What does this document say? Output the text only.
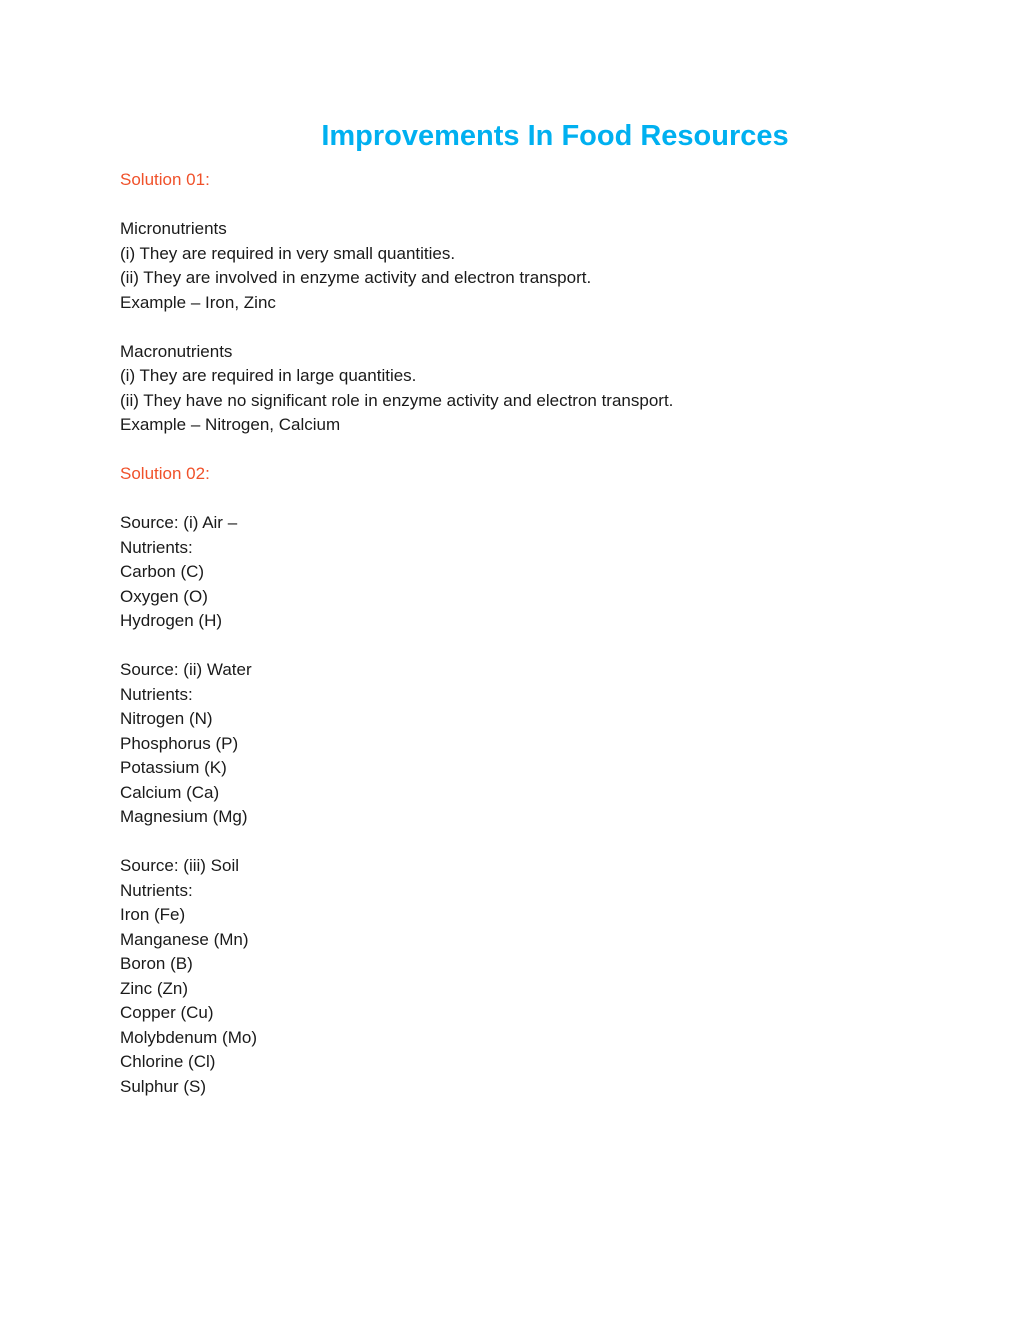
Improvements In Food Resources
Solution 01:
Micronutrients
(i) They are required in very small quantities.
(ii) They are involved in enzyme activity and electron transport.
Example – Iron, Zinc
Macronutrients
(i) They are required in large quantities.
(ii) They have no significant role in enzyme activity and electron transport.
Example – Nitrogen, Calcium
Solution 02:
Source: (i) Air –
Nutrients:
Carbon (C)
Oxygen (O)
Hydrogen (H)
Source: (ii) Water
Nutrients:
Nitrogen (N)
Phosphorus (P)
Potassium (K)
Calcium (Ca)
Magnesium (Mg)
Source: (iii) Soil
Nutrients:
Iron (Fe)
Manganese (Mn)
Boron (B)
Zinc (Zn)
Copper (Cu)
Molybdenum (Mo)
Chlorine (Cl)
Sulphur (S)
